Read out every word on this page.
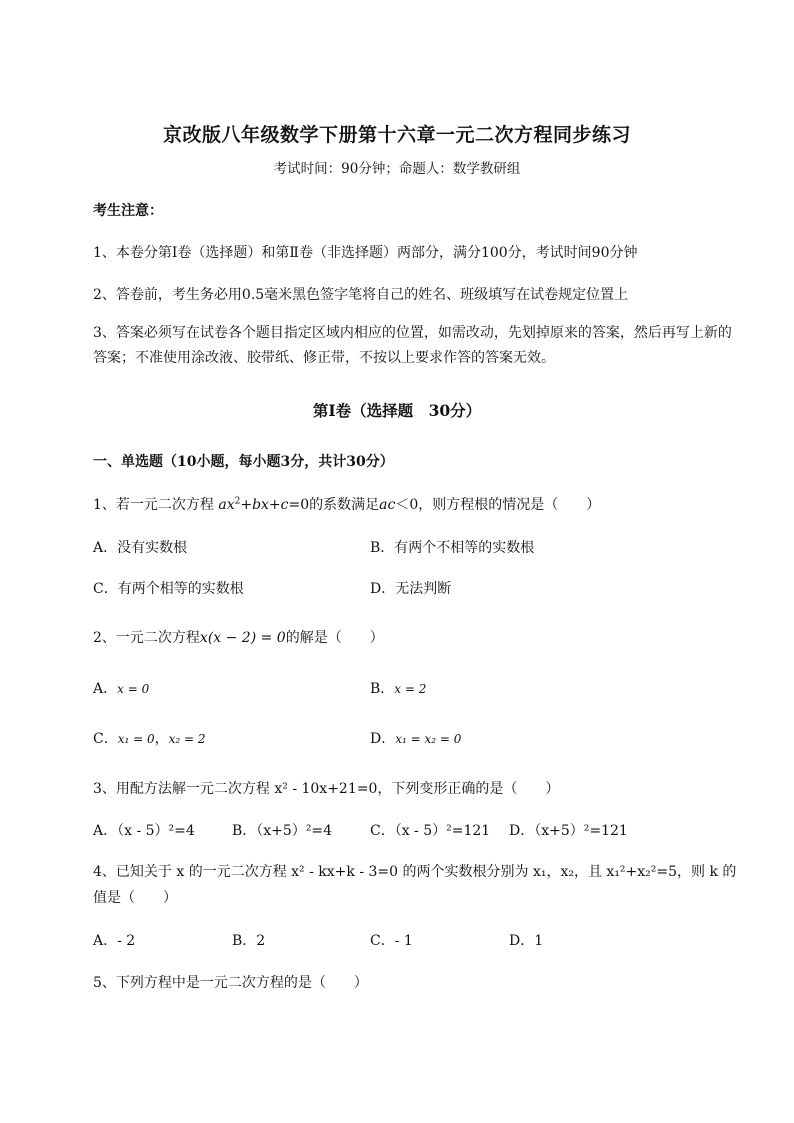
京改版八年级数学下册第十六章一元二次方程同步练习
考试时间：90分钟；命题人：数学教研组
考生注意：
1、本卷分第Ⅰ卷（选择题）和第Ⅱ卷（非选择题）两部分，满分100分，考试时间90分钟
2、答卷前，考生务必用0.5毫米黑色签字笔将自己的姓名、班级填写在试卷规定位置上
3、答案必须写在试卷各个题目指定区域内相应的位置，如需改动，先划掉原来的答案，然后再写上新的答案；不准使用涂改液、胶带纸、修正带，不按以上要求作答的答案无效。
第Ⅰ卷（选择题　30分）
一、单选题（10小题，每小题3分，共计30分）
1、若一元二次方程 $ax^2+bx+c=0$的系数满足ac＜0，则方程根的情况是（　　）
A．没有实数根	B．有两个不相等的实数根
C．有两个相等的实数根	D．无法判断
2、一元二次方程x(x − 2) = 0的解是（　　）
A．x = 0	B．x = 2
C．x₁ = 0，x₂ = 2	D．x₁ = x₂ = 0
3、用配方法解一元二次方程 x² - 10x+21=0，下列变形正确的是（　　）
A．（x - 5）²=4	B．（x+5）²=4	C．（x - 5）²=121 D．（x+5）²=121
4、已知关于 x 的一元二次方程 x² - kx+k - 3=0 的两个实数根分别为 x₁，x₂，且 x₁²+x₂²=5，则 k 的
值是（　　）
A．- 2	B．2	C．- 1	D．1
5、下列方程中是一元二次方程的是（　　）
